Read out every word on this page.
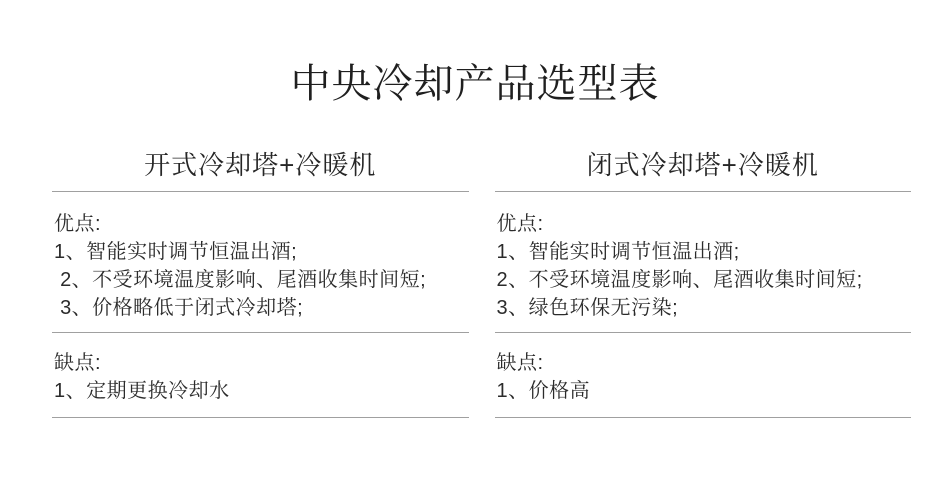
中央冷却产品选型表
开式冷却塔+冷暖机

优点:

1、智能实时调节恒温出酒;

2、不受环境温度影响、尾酒收集时间短;

3、价格略低于闭式冷却塔;

缺点:

1、定期更换冷却水

闭式冷却塔+冷暖机

优点:

1、智能实时调节恒温出酒;

2、不受环境温度影响、尾酒收集时间短;

3、绿色环保无污染;

缺点:

1、价格高
